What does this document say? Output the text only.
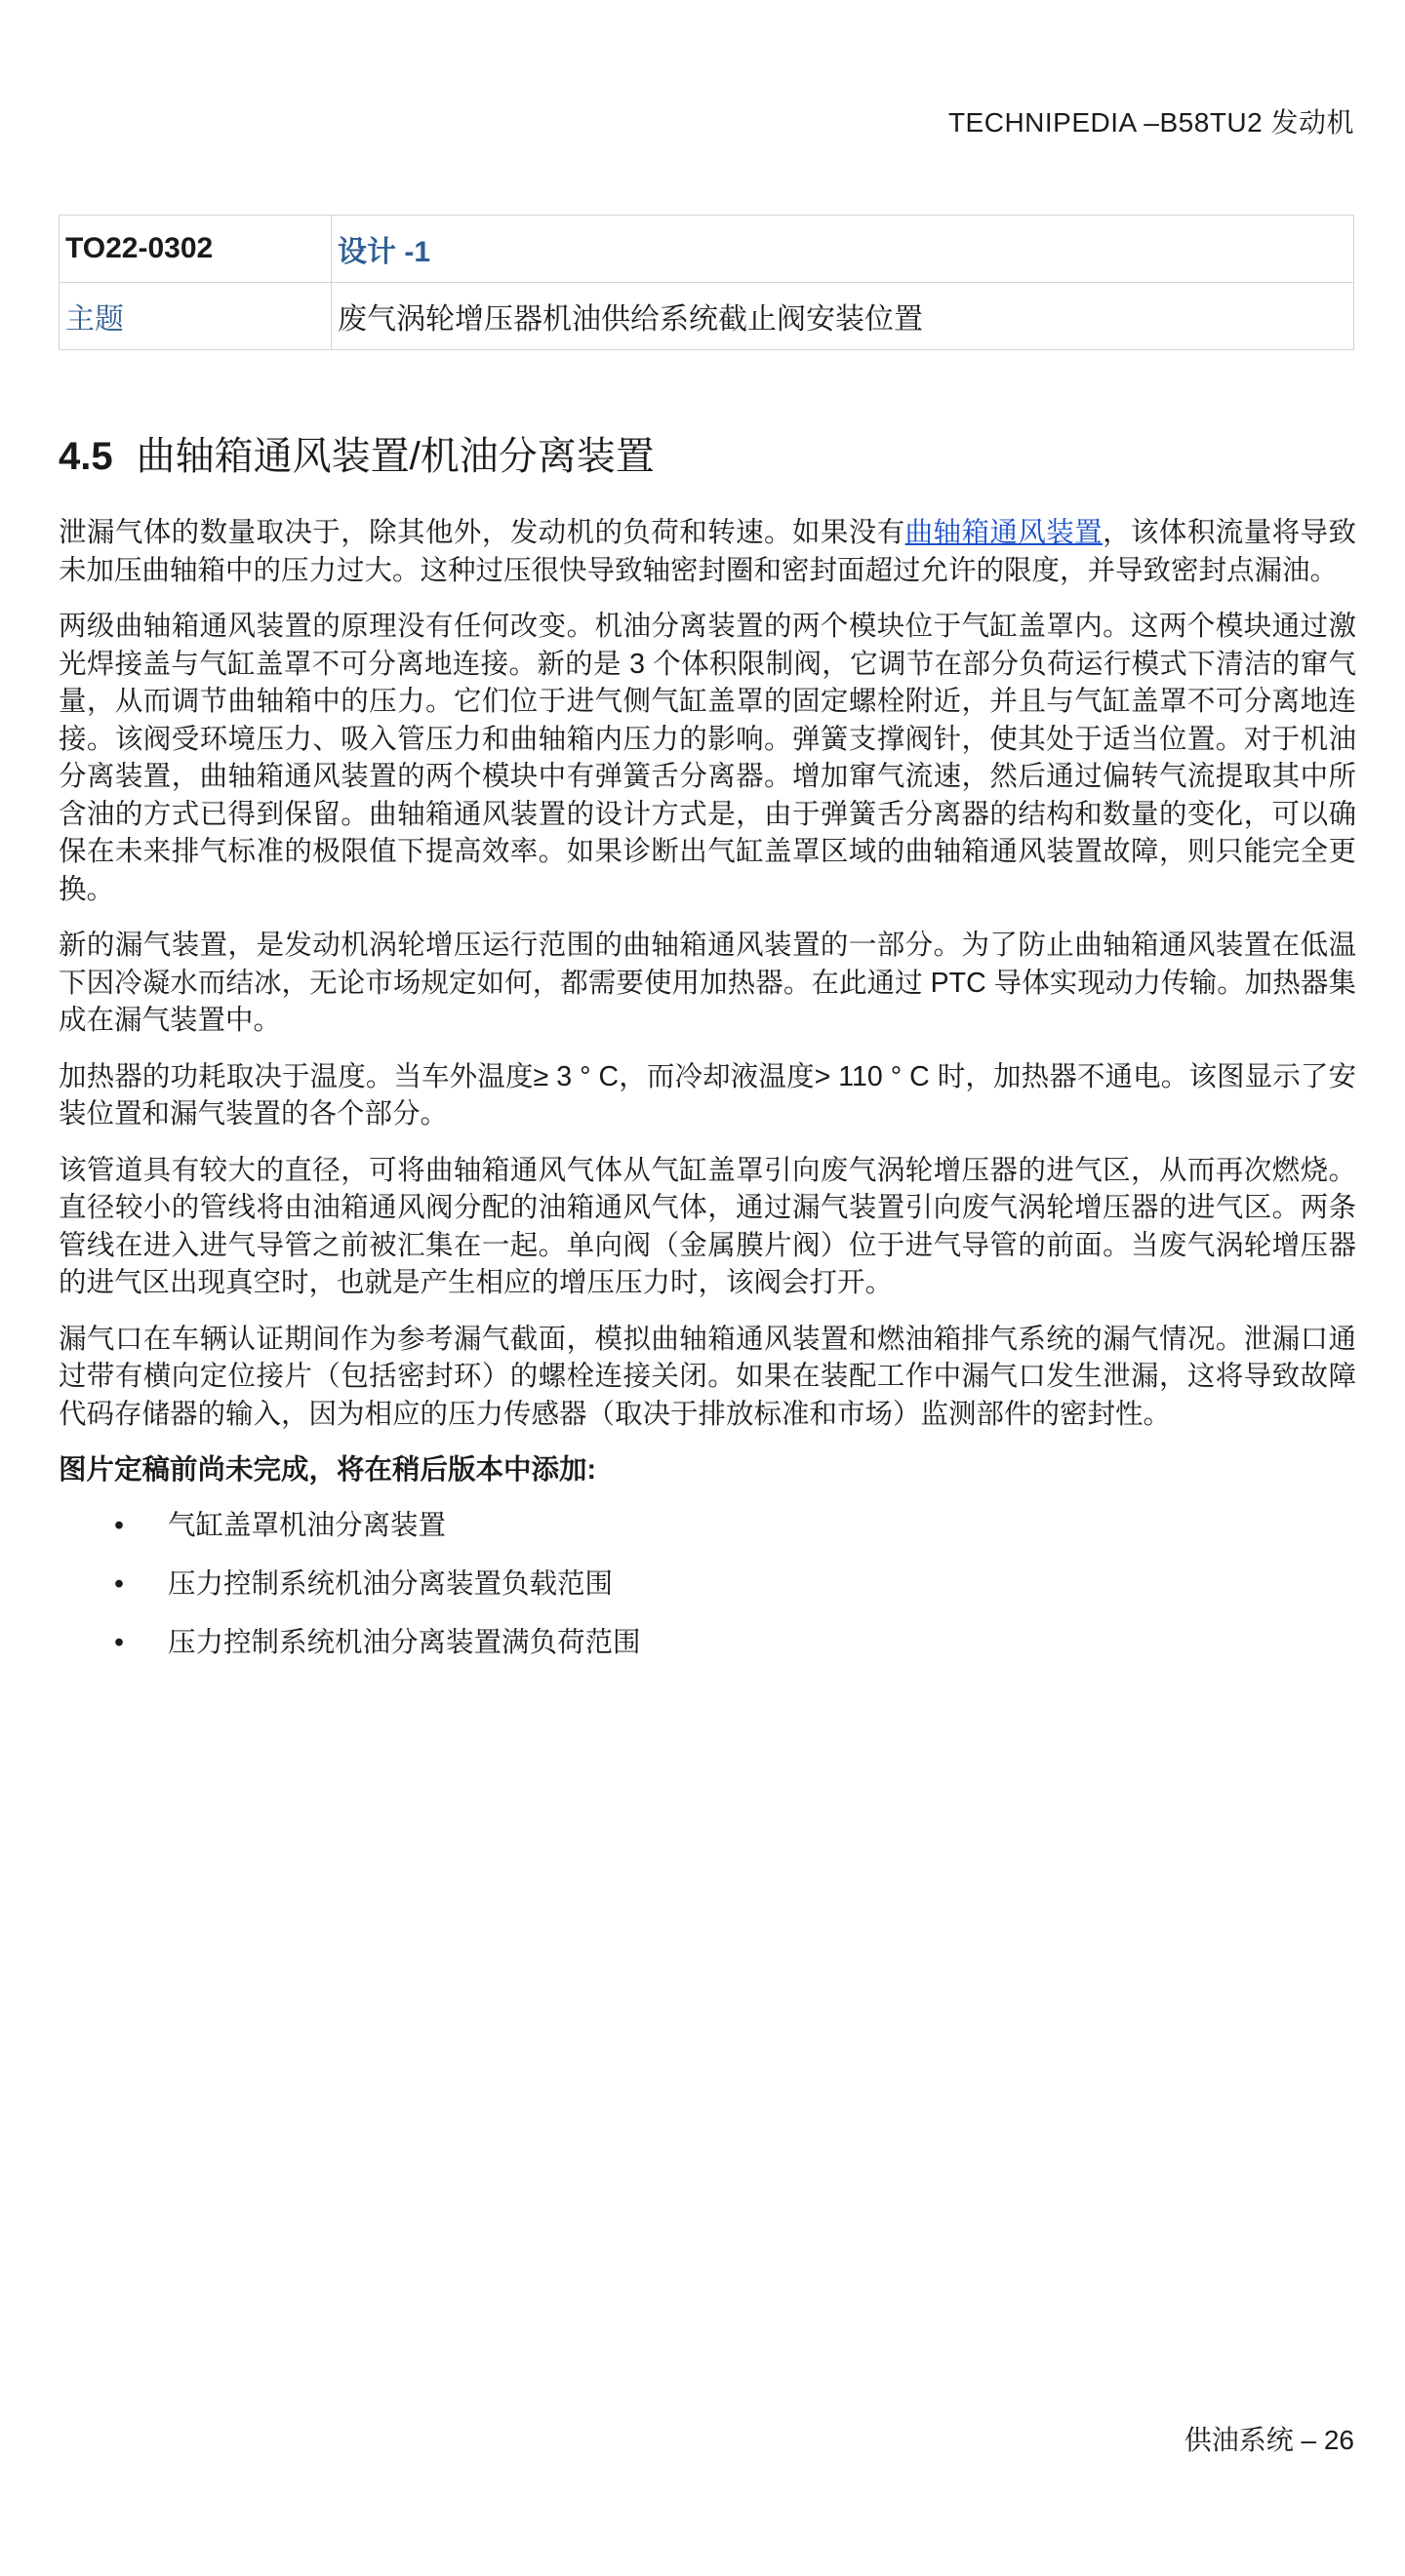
TECHNIPEDIA –B58TU2 发动机
TO22-0302	设计 -1
主题	废气涡轮增压器机油供给系统截止阀安装位置
4.5 曲轴箱通风装置/机油分离装置

泄漏气体的数量取决于，除其他外，发动机的负荷和转速。如果没有曲轴箱通风装置，该体积流量将导致未加压曲轴箱中的压力过大。这种过压很快导致轴密封圈和密封面超过允许的限度，并导致密封点漏油。

两级曲轴箱通风装置的原理没有任何改变。机油分离装置的两个模块位于气缸盖罩内。这两个模块通过激光焊接盖与气缸盖罩不可分离地连接。新的是 3 个体积限制阀，它调节在部分负荷运行模式下清洁的窜气量，从而调节曲轴箱中的压力。它们位于进气侧气缸盖罩的固定螺栓附近，并且与气缸盖罩不可分离地连接。该阀受环境压力、吸入管压力和曲轴箱内压力的影响。弹簧支撑阀针，使其处于适当位置。对于机油分离装置，曲轴箱通风装置的两个模块中有弹簧舌分离器。增加窜气流速，然后通过偏转气流提取其中所含油的方式已得到保留。曲轴箱通风装置的设计方式是，由于弹簧舌分离器的结构和数量的变化，可以确保在未来排气标准的极限值下提高效率。如果诊断出气缸盖罩区域的曲轴箱通风装置故障，则只能完全更换。

新的漏气装置，是发动机涡轮增压运行范围的曲轴箱通风装置的一部分。为了防止曲轴箱通风装置在低温下因冷凝水而结冰，无论市场规定如何，都需要使用加热器。在此通过 PTC 导体实现动力传输。加热器集成在漏气装置中。

加热器的功耗取决于温度。当车外温度≥ 3 ° C，而冷却液温度> 110 ° C 时，加热器不通电。该图显示了安装位置和漏气装置的各个部分。

该管道具有较大的直径，可将曲轴箱通风气体从气缸盖罩引向废气涡轮增压器的进气区，从而再次燃烧。直径较小的管线将由油箱通风阀分配的油箱通风气体，通过漏气装置引向废气涡轮增压器的进气区。两条管线在进入进气导管之前被汇集在一起。单向阀（金属膜片阀）位于进气导管的前面。当废气涡轮增压器的进气区出现真空时，也就是产生相应的增压压力时，该阀会打开。

漏气口在车辆认证期间作为参考漏气截面，模拟曲轴箱通风装置和燃油箱排气系统的漏气情况。泄漏口通过带有横向定位接片（包括密封环）的螺栓连接关闭。如果在装配工作中漏气口发生泄漏，这将导致故障代码存储器的输入，因为相应的压力传感器（取决于排放标准和市场）监测部件的密封性。

图片定稿前尚未完成，将在稍后版本中添加:

• 气缸盖罩机油分离装置
• 压力控制系统机油分离装置负载范围
• 压力控制系统机油分离装置满负荷范围
供油系统 – 26
